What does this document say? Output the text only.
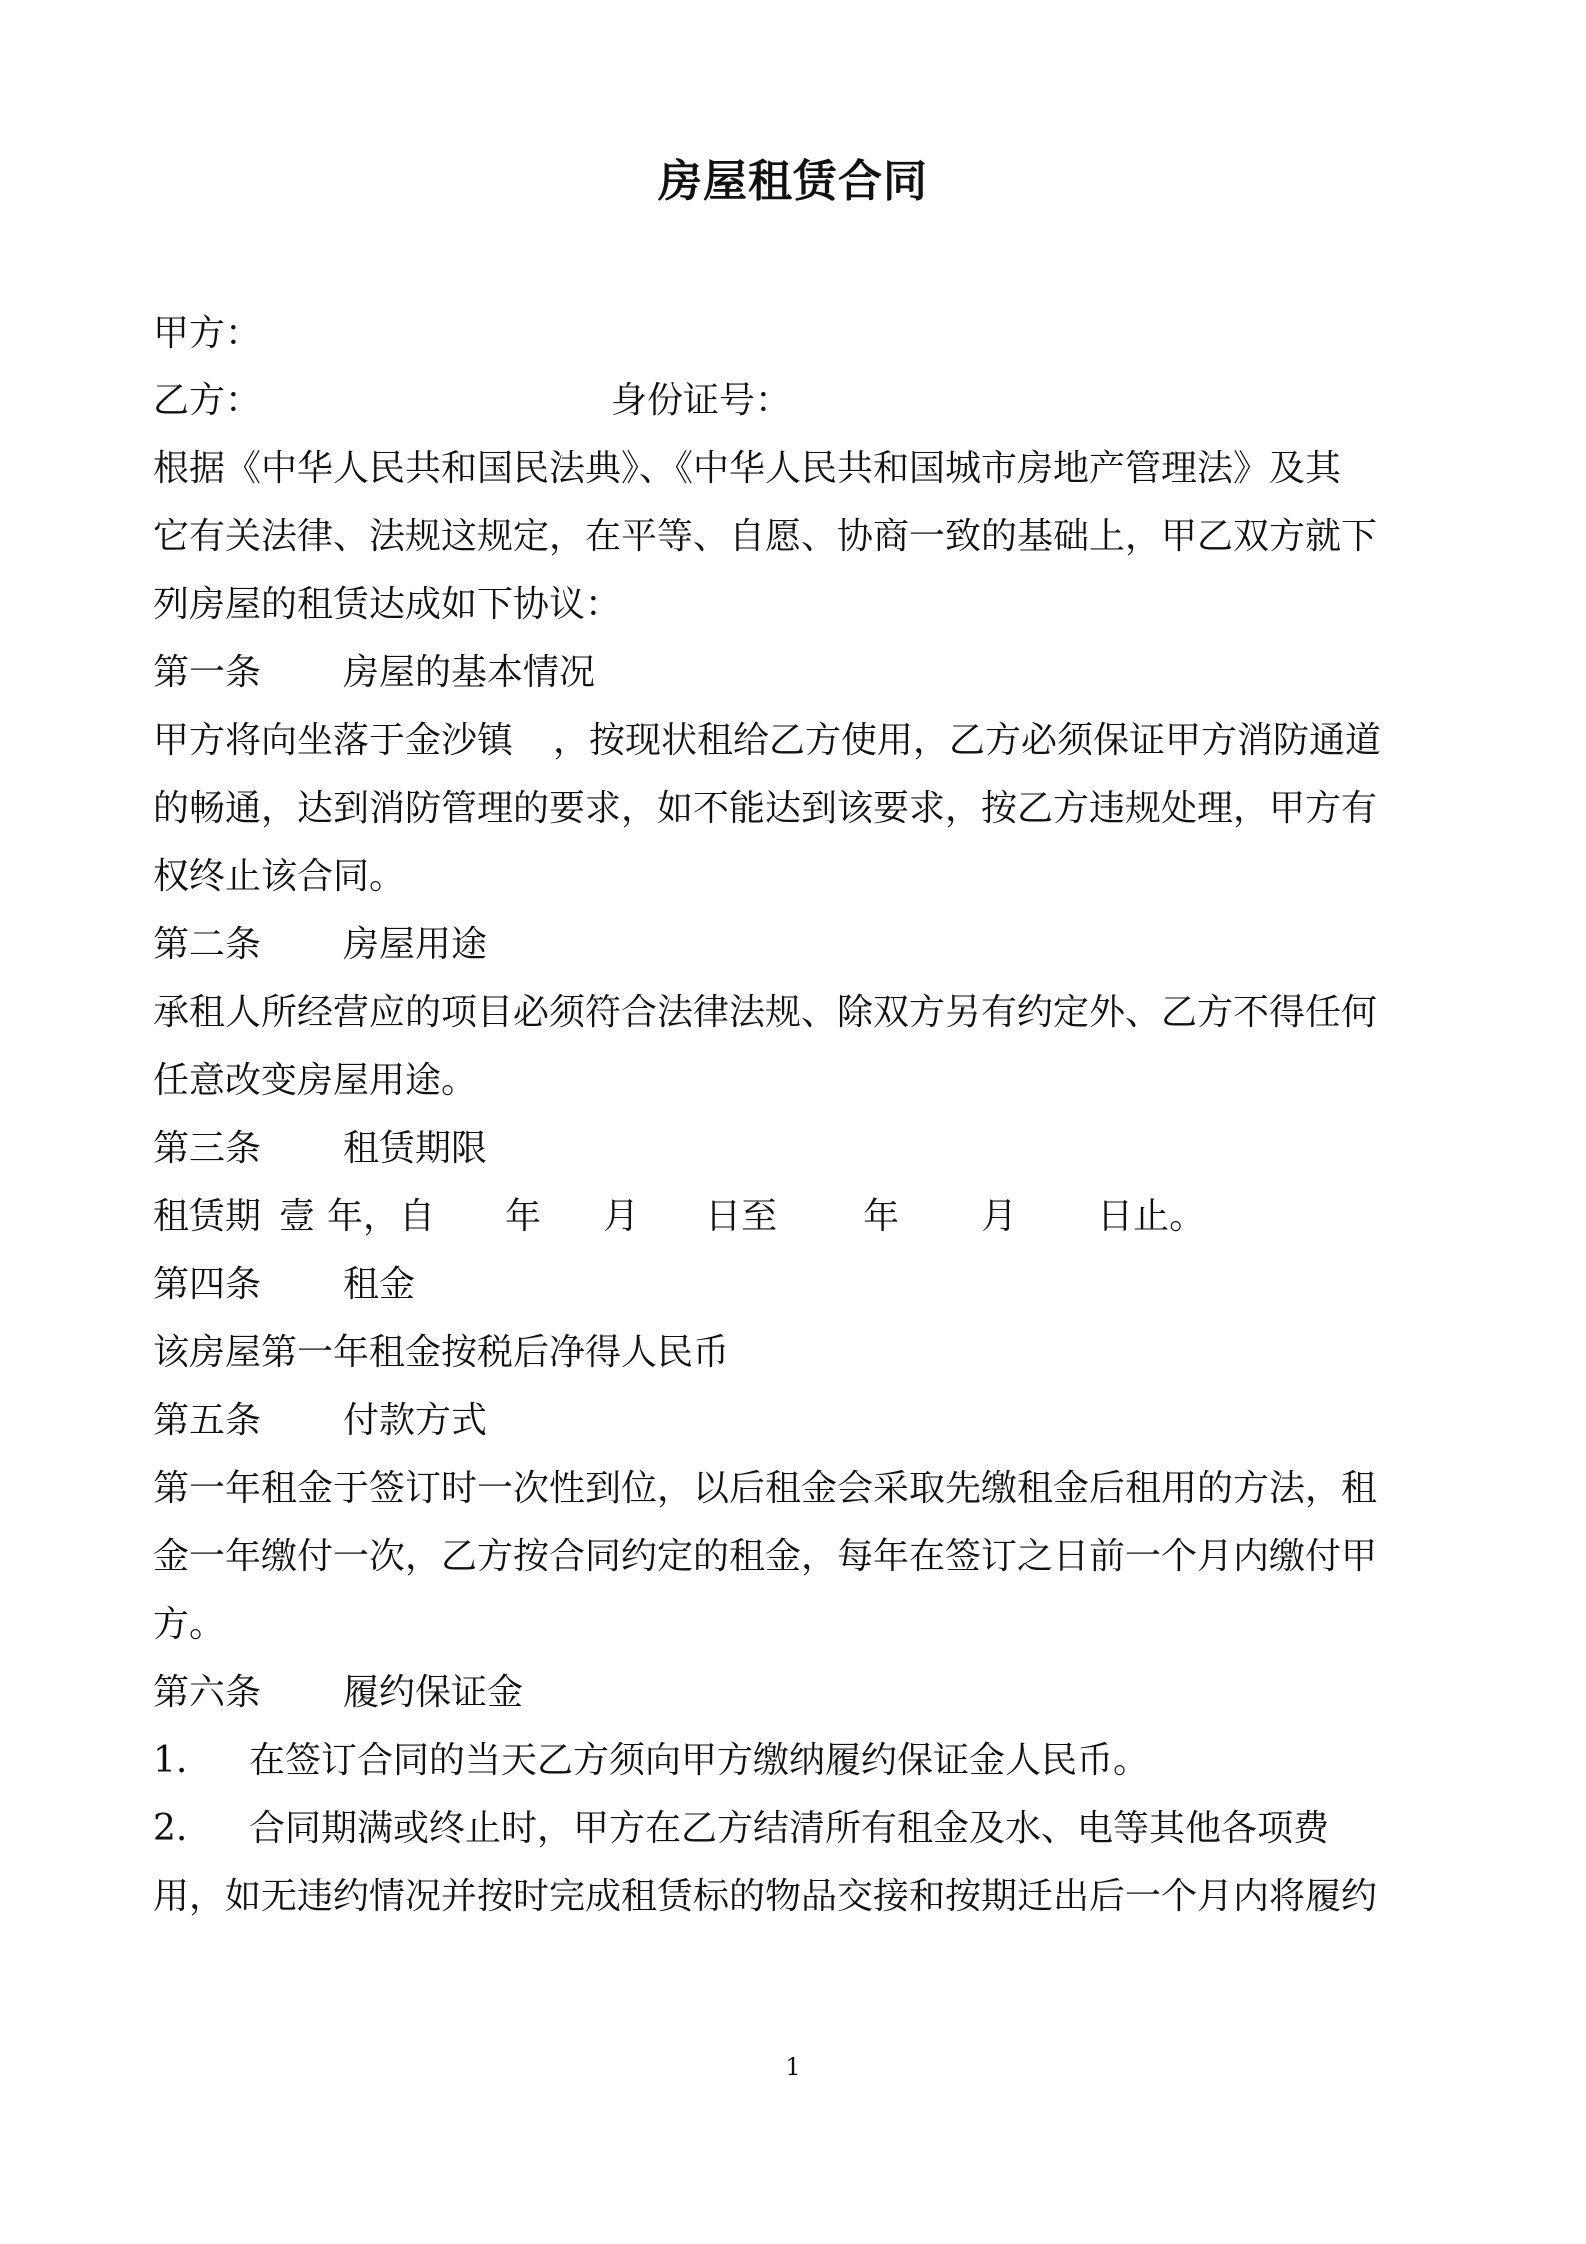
房屋租赁合同

甲方：

乙方：	身份证号：

根据《中华人民共和国民法典》、《中华人民共和国城市房地产管理法》及其

它有关法律、法规这规定，在平等、自愿、协商一致的基础上，甲乙双方就下

列房屋的租赁达成如下协议：

第一条 房屋的基本情况

甲方将向坐落于金沙镇 ，按现状租给乙方使用，乙方必须保证甲方消防通道

的畅通，达到消防管理的要求，如不能达到该要求，按乙方违规处理，甲方有

权终止该合同。

第二条 房屋用途

承租人所经营应的项目必须符合法律法规、除双方另有约定外、乙方不得任何

任意改变房屋用途。

第三条 租赁期限

租赁期 壹 年，自 年 月 日至 年 月 日止。

第四条 租金

该房屋第一年租金按税后净得人民币

第五条 付款方式

第一年租金于签订时一次性到位，以后租金会采取先缴租金后租用的方法，租

金一年缴付一次，乙方按合同约定的租金，每年在签订之日前一个月内缴付甲

方。

第六条 履约保证金

1. 在签订合同的当天乙方须向甲方缴纳履约保证金人民币。

2. 合同期满或终止时，甲方在乙方结清所有租金及水、电等其他各项费

用，如无违约情况并按时完成租赁标的物品交接和按期迁出后一个月内将履约

1
